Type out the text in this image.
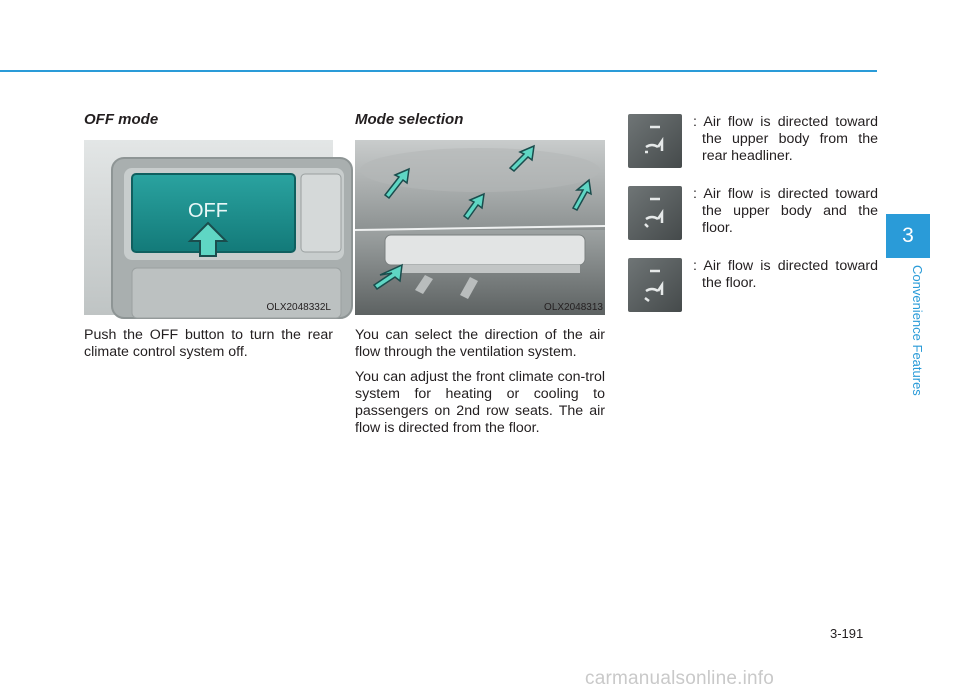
OFF mode
OFF
OLX2048332L

Push the OFF button to turn the rear climate control system off.

Mode selection
OLX2048313

You can select the direction of the air flow through the ventilation system.

You can adjust the front climate con-trol system for heating or cooling to passengers on 2nd row seats. The air flow is directed from the floor.

: Air flow is directed toward the upper body from the rear headliner.
: Air flow is directed toward the upper body and the floor.
: Air flow is directed toward the floor.
3
Convenience Features
3-191
carmanualsonline.info
